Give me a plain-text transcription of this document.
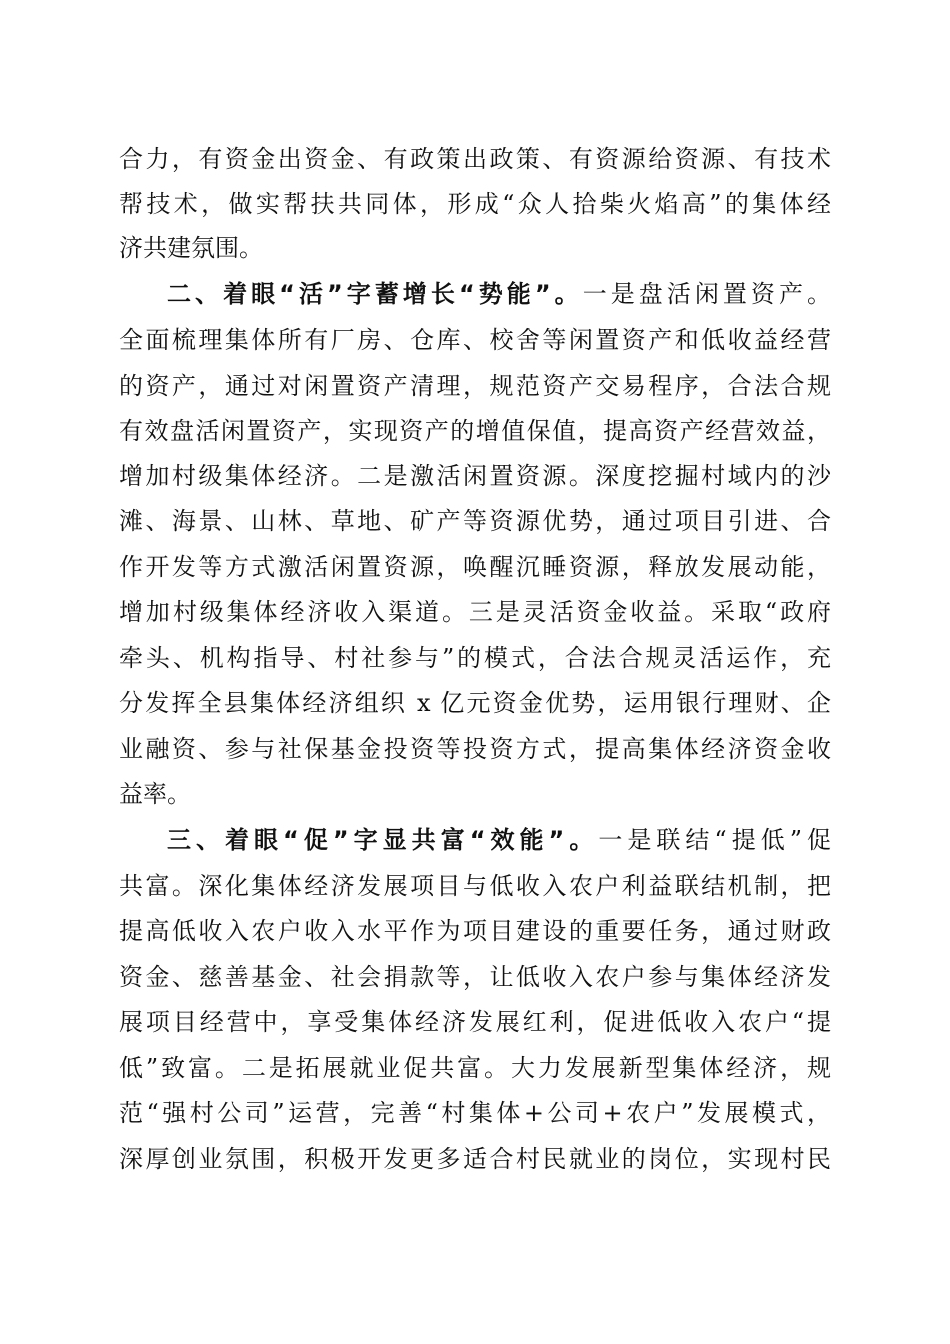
合力，有资金出资金、有政策出政策、有资源给资源、有技术
帮技术，做实帮扶共同体，形成“众人拾柴火焰高”的集体经
济共建氛围。
二、着眼“活”字蓄增长“势能”。一是盘活闲置资产。
全面梳理集体所有厂房、仓库、校舍等闲置资产和低收益经营
的资产，通过对闲置资产清理，规范资产交易程序，合法合规
有效盘活闲置资产，实现资产的增值保值，提高资产经营效益，
增加村级集体经济。二是激活闲置资源。深度挖掘村域内的沙
滩、海景、山林、草地、矿产等资源优势，通过项目引进、合
作开发等方式激活闲置资源，唤醒沉睡资源，释放发展动能，
增加村级集体经济收入渠道。三是灵活资金收益。采取“政府
牵头、机构指导、村社参与”的模式，合法合规灵活运作，充
分发挥全县集体经济组织 x 亿元资金优势，运用银行理财、企
业融资、参与社保基金投资等投资方式，提高集体经济资金收
益率。
三、着眼“促”字显共富“效能”。一是联结“提低”促
共富。深化集体经济发展项目与低收入农户利益联结机制，把
提高低收入农户收入水平作为项目建设的重要任务，通过财政
资金、慈善基金、社会捐款等，让低收入农户参与集体经济发
展项目经营中，享受集体经济发展红利，促进低收入农户“提
低”致富。二是拓展就业促共富。大力发展新型集体经济，规
范“强村公司”运营，完善“村集体+公司+农户”发展模式，
深厚创业氛围，积极开发更多适合村民就业的岗位，实现村民
